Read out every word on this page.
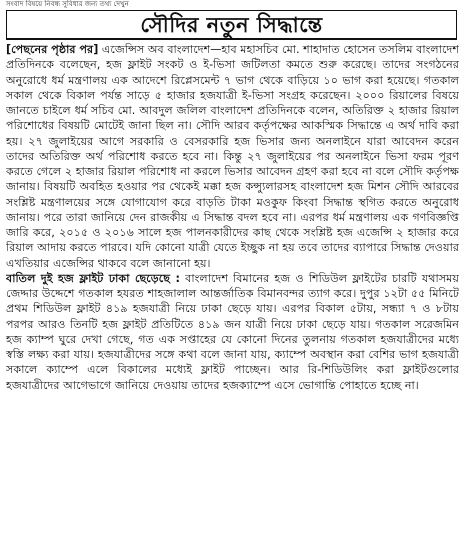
সংবাদ বিষয়ে নিবন্ধ সুবিধার জন্য তথ্য দেখুন
সৌদির নতুন সিদ্ধান্তে

[পেছনের পৃষ্ঠার পর] এজেন্সিস অব বাংলাদেশ—হাব মহাসচিব মো. শাহাদাত হোসেন তসলিম বাংলাদেশ প্রতিদিনকে বলেছেন, হজ ফ্লাইট সংকট ও ই-ভিসা জটিলতা কমতে শুরু করেছে। তাদের সংগঠনের অনুরোধে ধর্ম মন্ত্রণালয় এক আদেশে রিপ্লেসমেন্ট ৭ ভাগ থেকে বাড়িয়ে ১০ ভাগ করা হয়েছে। গতকাল সকাল থেকে বিকাল পর্যন্ত সাড়ে ৫ হাজার হজযাত্রী ই-ভিসা সংগ্রহ করেছেন। ২০০০ রিয়ালের বিষয়ে জানতে চাইলে ধর্ম সচিব মো. আবদুল জলিল বাংলাদেশ প্রতিদিনকে বলেন, অতিরিক্ত ২ হাজার রিয়াল পরিশোধের বিষয়টি মোটেই জানা ছিল না। সৌদি আরব কর্তৃপক্ষের আকস্মিক সিদ্ধান্তে এ অর্থ দাবি করা হয়। ২৭ জুলাইয়ের আগে সরকারি ও বেসরকারি হজ ভিসার জন্য অনলাইনে যারা আবেদন করেন তাদের অতিরিক্ত অর্থ পরিশোধ করতে হবে না। কিন্তু ২৭ জুলাইয়ের পর অনলাইনে ভিসা ফরম পূরণ করতে গেলে ২ হাজার রিয়াল পরিশোধ না করলে ভিসার আবেদন গ্রহণ করা হবে না বলে সৌদি কর্তৃপক্ষ জানায়। বিষয়টি অবহিত হওয়ার পর থেকেই মক্কা হজ কন্স্যুলারসহ বাংলাদেশ হজ মিশন সৌদি আরবের সংশ্লিষ্ট মন্ত্রণালয়ের সঙ্গে যোগাযোগ করে বাড়তি টাকা মওকুফ কিংবা সিদ্ধান্ত স্থগিত করতে অনুরোধ জানায়। পরে তারা জানিয়ে দেন রাজকীয় এ সিদ্ধান্ত বদল হবে না। এরপর ধর্ম মন্ত্রণালয় এক গণবিজ্ঞপ্তি জারি করে, ২০১৫ ও ২০১৬ সালে হজ পালনকারীদের কাছ থেকে সংশ্লিষ্ট হজ এজেন্সি ২ হাজার করে রিয়াল আদায় করতে পারবে। যদি কোনো যাত্রী যেতে ইচ্ছুক না হয় তবে তাদের ব্যাপারে সিদ্ধান্ত দেওয়ার এখতিয়ার এজেন্সির থাকবে বলে জানানো হয়।

বাতিল দুই হজ ফ্লাইট ঢাকা ছেড়েছে : বাংলাদেশ বিমানের হজ ও শিডিউল ফ্লাইটের চারটি যথাসময় জেদ্দার উদ্দেশে গতকাল হযরত শাহজালাল আন্তর্জাতিক বিমানবন্দর ত্যাগ করে। দুপুর ১২টা ৫৫ মিনিটে প্রথম শিডিউল ফ্লাইট ৪১৯ হজযাত্রী নিয়ে ঢাকা ছেড়ে যায়। এরপর বিকাল ৫টায়, সন্ধ্যা ৭ ও ৮টায় পরপর আরও তিনটি হজ ফ্লাইট প্রতিটিতে ৪১৯ জন যাত্রী নিয়ে ঢাকা ছেড়ে যায়। গতকাল সরেজমিন হজ ক্যাম্প ঘুরে দেখা গেছে, গত এক সপ্তাহের যে কোনো দিনের তুলনায় গতকাল হজযাত্রীদের মধ্যে স্বস্তি লক্ষ্য করা যায়। হজযাত্রীদের সঙ্গে কথা বলে জানা যায়, ক্যাম্পে অবস্থান করা বেশির ভাগ হজযাত্রী সকালে ক্যাম্পে এলে বিকালের মধ্যেই ফ্লাইট পাচ্ছেন। আর রি-শিডিউলিং করা ফ্লাইটগুলোর হজযাত্রীদের আগেভাগে জানিয়ে দেওয়ায় তাদের হজক্যাম্পে এসে ভোগান্তি পোহাতে হচ্ছে না।
